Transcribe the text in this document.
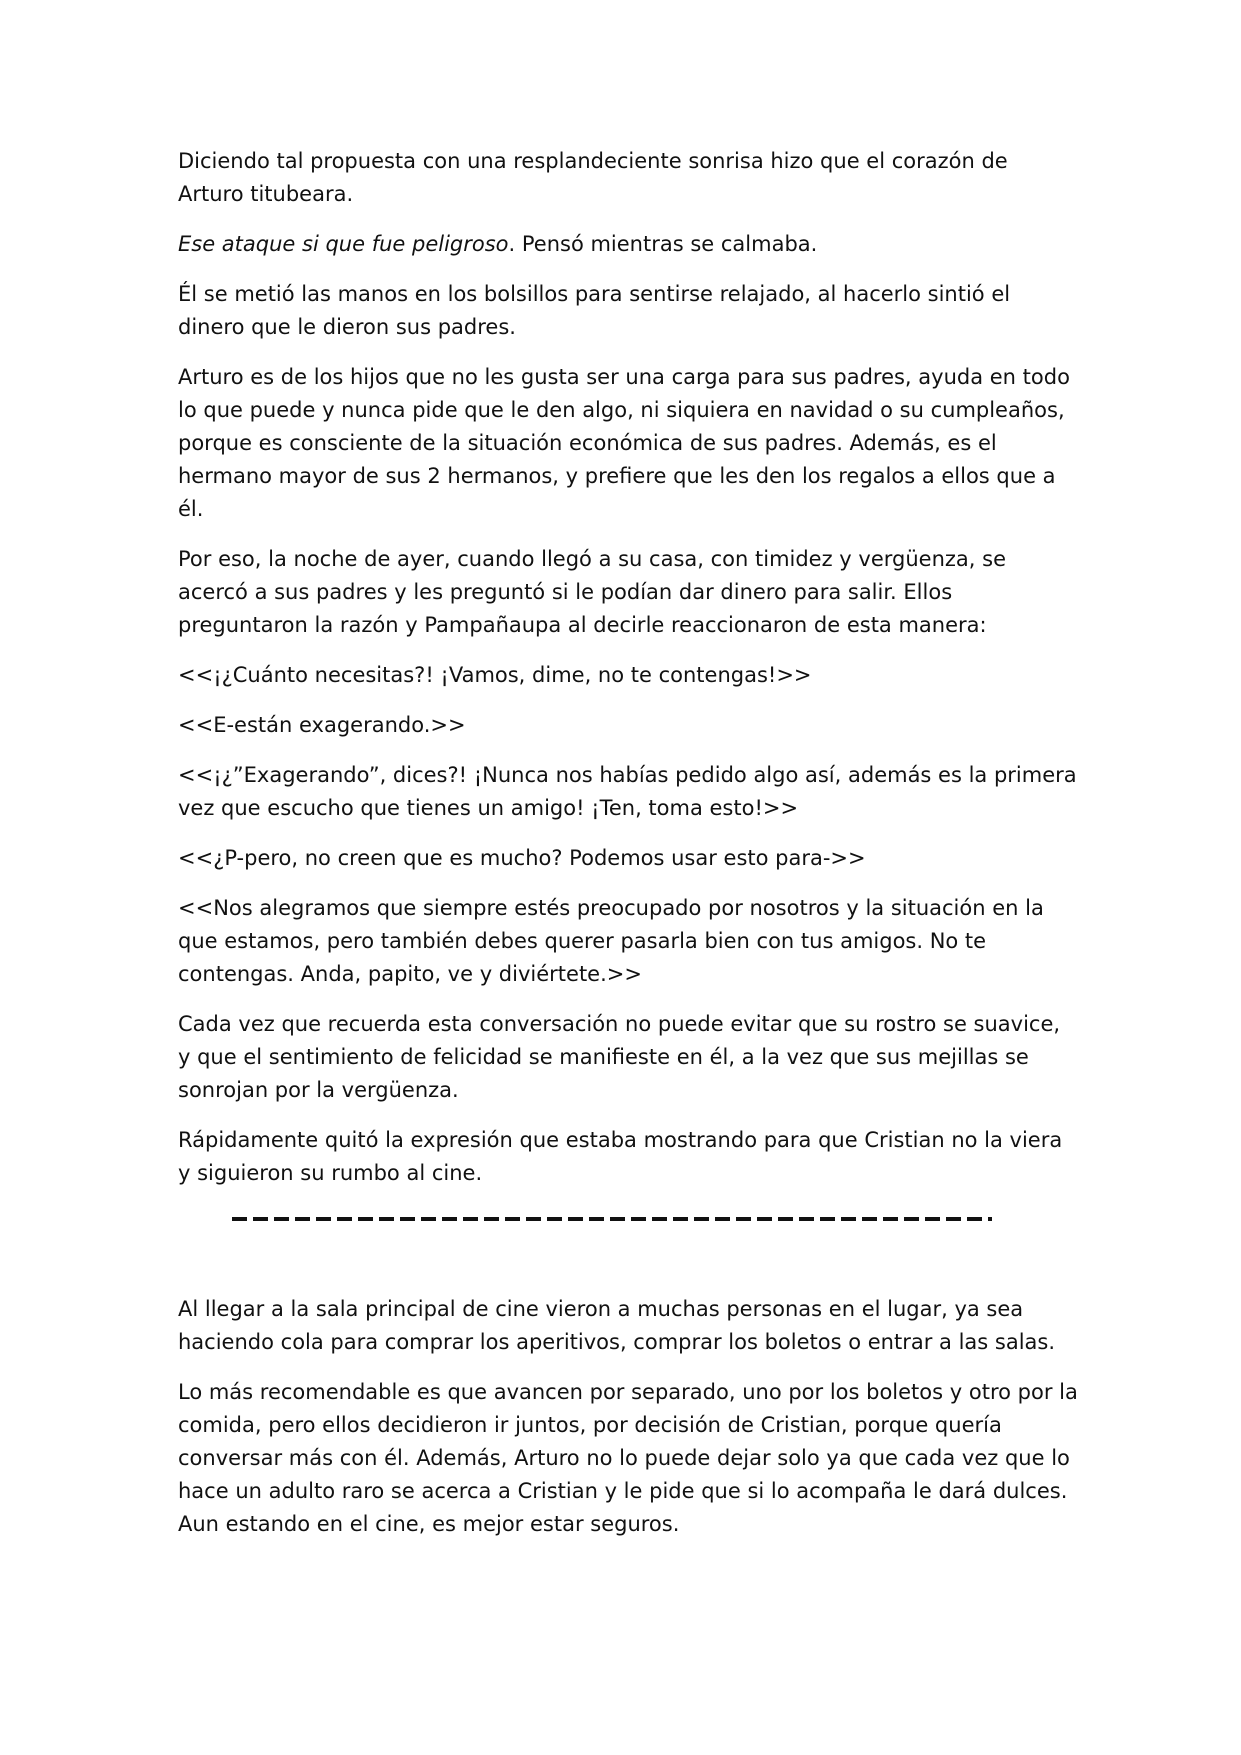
Diciendo tal propuesta con una resplandeciente sonrisa hizo que el corazón de Arturo titubeara.

Ese ataque si que fue peligroso. Pensó mientras se calmaba.

Él se metió las manos en los bolsillos para sentirse relajado, al hacerlo sintió el dinero que le dieron sus padres.

Arturo es de los hijos que no les gusta ser una carga para sus padres, ayuda en todo lo que puede y nunca pide que le den algo, ni siquiera en navidad o su cumpleaños, porque es consciente de la situación económica de sus padres. Además, es el hermano mayor de sus 2 hermanos, y prefiere que les den los regalos a ellos que a él.

Por eso, la noche de ayer, cuando llegó a su casa, con timidez y vergüenza, se acercó a sus padres y les preguntó si le podían dar dinero para salir. Ellos preguntaron la razón y Pampañaupa al decirle reaccionaron de esta manera:

<<¡¿Cuánto necesitas?! ¡Vamos, dime, no te contengas!>>

<<E-están exagerando.>>

<<¡¿”Exagerando”, dices?! ¡Nunca nos habías pedido algo así, además es la primera vez que escucho que tienes un amigo! ¡Ten, toma esto!>>

<<¿P-pero, no creen que es mucho? Podemos usar esto para->>

<<Nos alegramos que siempre estés preocupado por nosotros y la situación en la que estamos, pero también debes querer pasarla bien con tus amigos. No te contengas. Anda, papito, ve y diviértete.>>

Cada vez que recuerda esta conversación no puede evitar que su rostro se suavice, y que el sentimiento de felicidad se manifieste en él, a la vez que sus mejillas se sonrojan por la vergüenza.

Rápidamente quitó la expresión que estaba mostrando para que Cristian no la viera y siguieron su rumbo al cine.

Al llegar a la sala principal de cine vieron a muchas personas en el lugar, ya sea haciendo cola para comprar los aperitivos, comprar los boletos o entrar a las salas.

Lo más recomendable es que avancen por separado, uno por los boletos y otro por la comida, pero ellos decidieron ir juntos, por decisión de Cristian, porque quería conversar más con él. Además, Arturo no lo puede dejar solo ya que cada vez que lo hace un adulto raro se acerca a Cristian y le pide que si lo acompaña le dará dulces. Aun estando en el cine, es mejor estar seguros.
